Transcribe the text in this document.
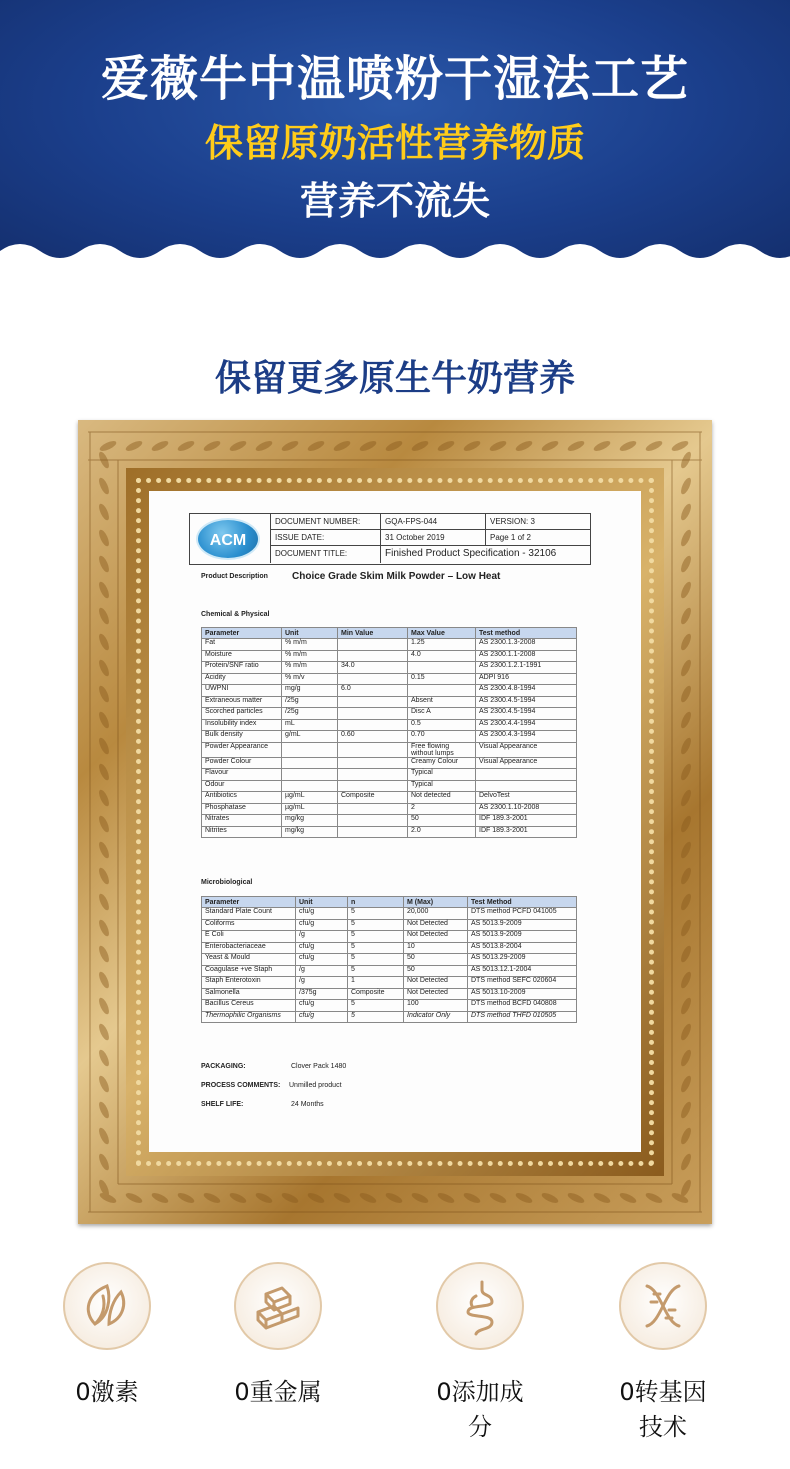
爱薇牛中温喷粉干湿法工艺
保留原奶活性营养物质
营养不流失
保留更多原生牛奶营养
ACM
DOCUMENT NUMBER:	GQA-FPS-044	VERSION: 3
ISSUE DATE:	31 October 2019	Page 1 of 2
DOCUMENT TITLE:	Finished Product Specification - 32106
Product Description Choice Grade Skim Milk Powder – Low Heat
Chemical & Physical
Parameter	Unit	Min Value	Max Value	Test method
Fat	% m/m		1.25	AS 2300.1.3-2008
Moisture	% m/m		4.0	AS 2300.1.1-2008
Protein/SNF ratio	% m/m	34.0		AS 2300.1.2.1-1991
Acidity	% m/v		0.15	ADPI 916
UWPNI	mg/g	6.0		AS 2300.4.8-1994
Extraneous matter	/25g		Absent	AS 2300.4.5-1994
Scorched particles	/25g		Disc A	AS 2300.4.5-1994
Insolubility index	mL		0.5	AS 2300.4.4-1994
Bulk density	g/mL	0.60	0.70	AS 2300.4.3-1994
Powder Appearance			Free flowing without lumps	Visual Appearance
Powder Colour			Creamy Colour	Visual Appearance
Flavour			Typical	
Odour			Typical	
Antibiotics	µg/mL	Composite	Not detected	DelvoTest
Phosphatase	µg/mL		2	AS 2300.1.10-2008
Nitrates	mg/kg		50	IDF 189.3-2001
Nitrites	mg/kg		2.0	IDF 189.3-2001
Microbiological
Parameter	Unit	n	M (Max)	Test Method
Standard Plate Count	cfu/g	5	20,000	DTS method PCFD 041005
Coliforms	cfu/g	5	Not Detected	AS 5013.9-2009
E Coli	/g	5	Not Detected	AS 5013.9-2009
Enterobacteriaceae	cfu/g	5	10	AS 5013.8-2004
Yeast & Mould	cfu/g	5	50	AS 5013.29-2009
Coagulase +ve Staph	/g	5	50	AS 5013.12.1-2004
Staph Enterotoxin	/g	1	Not Detected	DTS method SEFC 020604
Salmonella	/375g	Composite	Not Detected	AS 5013.10-2009
Bacillus Cereus	cfu/g	5	100	DTS method BCFD 040808
Thermophilic Organisms	cfu/g	5	Indicator Only	DTS method THFD 010505
PACKAGING:	Clover Pack 1480
PROCESS COMMENTS: Unmilled product
SHELF LIFE:	24 Months
0激素	0重金属	0添加成分
0转基因技术
